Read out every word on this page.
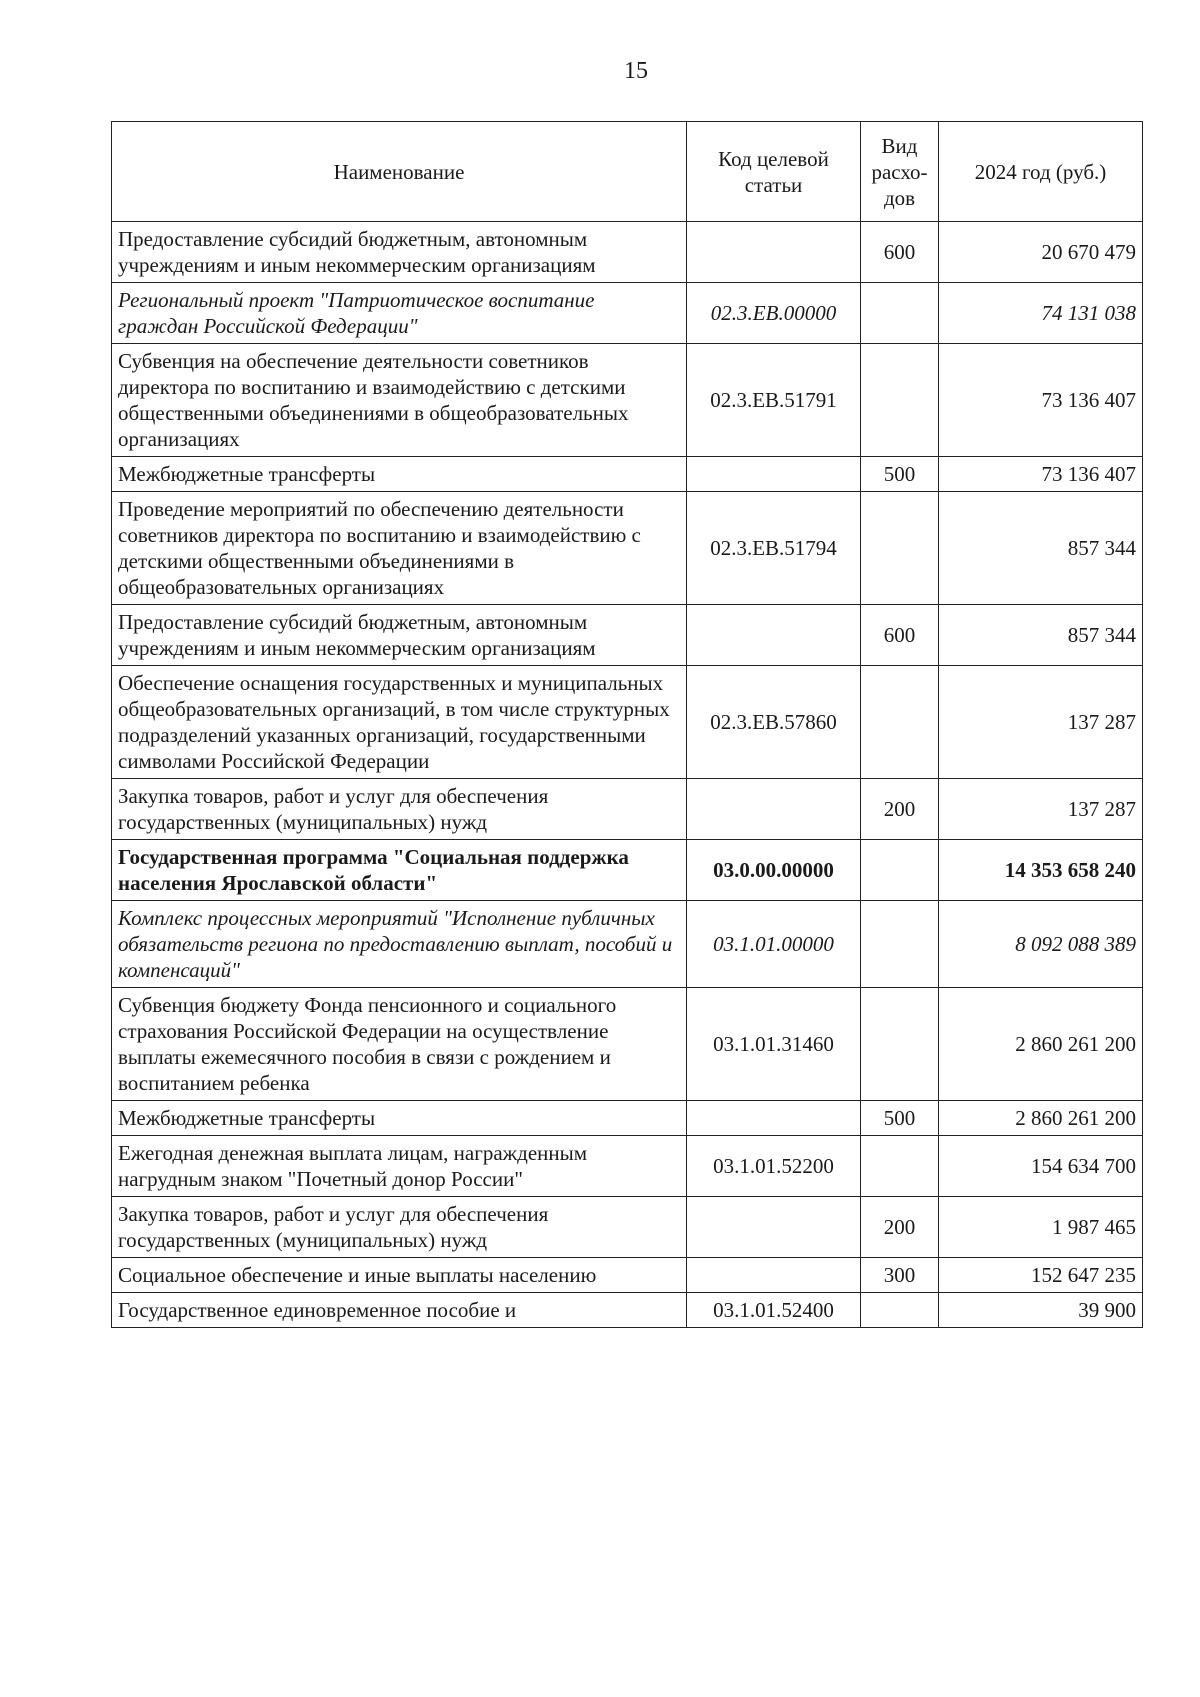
15
Наименование	Код целевой статьи	Вид расхо-дов	2024 год (руб.)
Предоставление субсидий бюджетным, автономным учреждениям и иным некоммерческим организациям		600	20 670 479
Региональный проект "Патриотическое воспитание граждан Российской Федерации"	02.3.ЕВ.00000		74 131 038
Субвенция на обеспечение деятельности советников директора по воспитанию и взаимодействию с детскими общественными объединениями в общеобразовательных организациях	02.3.ЕВ.51791		73 136 407
Межбюджетные трансферты		500	73 136 407
Проведение мероприятий по обеспечению деятельности советников директора по воспитанию и взаимодействию с детскими общественными объединениями в общеобразовательных организациях	02.3.ЕВ.51794		857 344
Предоставление субсидий бюджетным, автономным учреждениям и иным некоммерческим организациям		600	857 344
Обеспечение оснащения государственных и муниципальных общеобразовательных организаций, в том числе структурных подразделений указанных организаций, государственными символами Российской Федерации	02.3.ЕВ.57860		137 287
Закупка товаров, работ и услуг для обеспечения государственных (муниципальных) нужд		200	137 287
Государственная программа "Социальная поддержка населения Ярославской области"	03.0.00.00000		14 353 658 240
Комплекс процессных мероприятий "Исполнение публичных обязательств региона по предоставлению выплат, пособий и компенсаций"	03.1.01.00000		8 092 088 389
Субвенция бюджету Фонда пенсионного и социального страхования Российской Федерации на осуществление выплаты ежемесячного пособия в связи с рождением и воспитанием ребенка	03.1.01.31460		2 860 261 200
Межбюджетные трансферты		500	2 860 261 200
Ежегодная денежная выплата лицам, награжденным нагрудным знаком "Почетный донор России"	03.1.01.52200		154 634 700
Закупка товаров, работ и услуг для обеспечения государственных (муниципальных) нужд		200	1 987 465
Социальное обеспечение и иные выплаты населению		300	152 647 235
Государственное единовременное пособие и	03.1.01.52400		39 900
